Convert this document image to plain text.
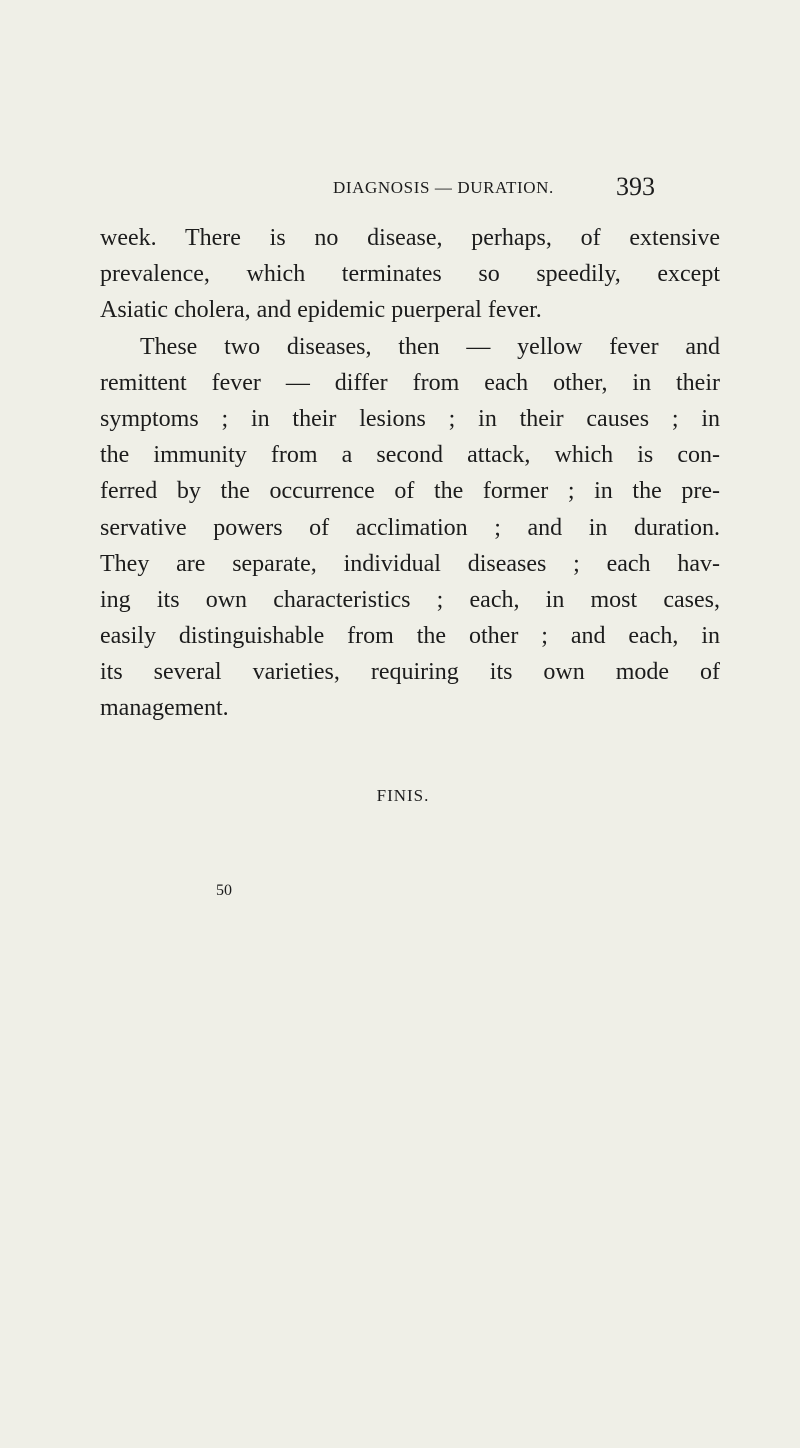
DIAGNOSIS — DURATION. 393
week. There is no disease, perhaps, of extensive
prevalence, which terminates so speedily, except
Asiatic cholera, and epidemic puerperal fever.
These two diseases, then — yellow fever and
remittent fever — differ from each other, in their
symptoms ; in their lesions ; in their causes ; in
the immunity from a second attack, which is con-
ferred by the occurrence of the former ; in the pre-
servative powers of acclimation ; and in duration.
They are separate, individual diseases ; each hav-
ing its own characteristics ; each, in most cases,
easily distinguishable from the other ; and each, in
its several varieties, requiring its own mode of
management.
FINIS.
50
